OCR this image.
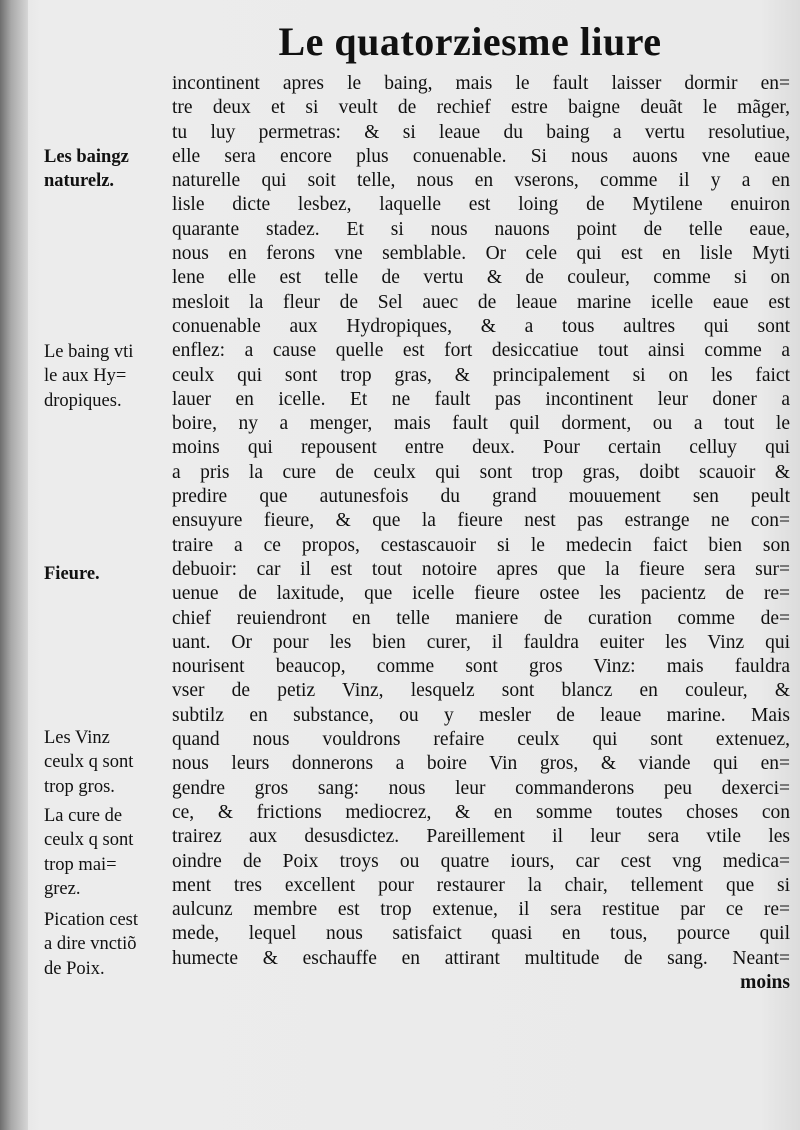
Le quatorziesme liure
incontinent apres le baing, mais le fault laisser dormir en=
tre deux et si veult de rechief estre baigne deuãt le mãger,
tu luy permetras: & si leaue du baing a vertu resolutiue,
elle sera encore plus conuenable. Si nous auons vne eaue
naturelle qui soit telle, nous en vserons, comme il y a en
lisle dicte lesbez, laquelle est loing de Mytilene enuiron
quarante stadez. Et si nous nauons point de telle eaue,
nous en ferons vne semblable. Or cele qui est en lisle Myti
lene elle est telle de vertu & de couleur, comme si on
mesloit la fleur de Sel auec de leaue marine icelle eaue est
conuenable aux Hydropiques, & a tous aultres qui sont
enflez: a cause quelle est fort desiccatiue tout ainsi comme a
ceulx qui sont trop gras, & principalement si on les faict
lauer en icelle. Et ne fault pas incontinent leur doner a
boire, ny a menger, mais fault quil dorment, ou a tout le
moins qui repousent entre deux. Pour certain celluy qui
a pris la cure de ceulx qui sont trop gras, doibt scauoir &
predire que autunesfois du grand mouuement sen peult
ensuyure fieure, & que la fieure nest pas estrange ne con=
traire a ce propos, cestascauoir si le medecin faict bien son
debuoir: car il est tout notoire apres que la fieure sera sur=
uenue de laxitude, que icelle fieure ostee les pacientz de re=
chief reuiendront en telle maniere de curation comme de=
uant. Or pour les bien curer, il fauldra euiter les Vinz qui
nourisent beaucop, comme sont gros Vinz: mais fauldra
vser de petiz Vinz, lesquelz sont blancz en couleur, &
subtilz en substance, ou y mesler de leaue marine. Mais
quand nous vouldrons refaire ceulx qui sont extenuez,
nous leurs donnerons a boire Vin gros, & viande qui en=
gendre gros sang: nous leur commanderons peu dexerci=
ce, & frictions mediocrez, & en somme toutes choses con
trairez aux desusdictez. Pareillement il leur sera vtile les
oindre de Poix troys ou quatre iours, car cest vng medica=
ment tres excellent pour restaurer la chair, tellement que si
aulcunz membre est trop extenue, il sera restitue par ce re=
mede, lequel nous satisfaict quasi en tous, pource quil
humecte & eschauffe en attirant multitude de sang. Neant=
moins
Les baingz
naturelz.
Le baing vti
le aux Hy=
dropiques.
Fieure.
Les Vinz
ceulx q sont
trop gros.
La cure de
ceulx q sont
trop mai=
grez.
Pication cest
a dire vnctiõ
de Poix.
